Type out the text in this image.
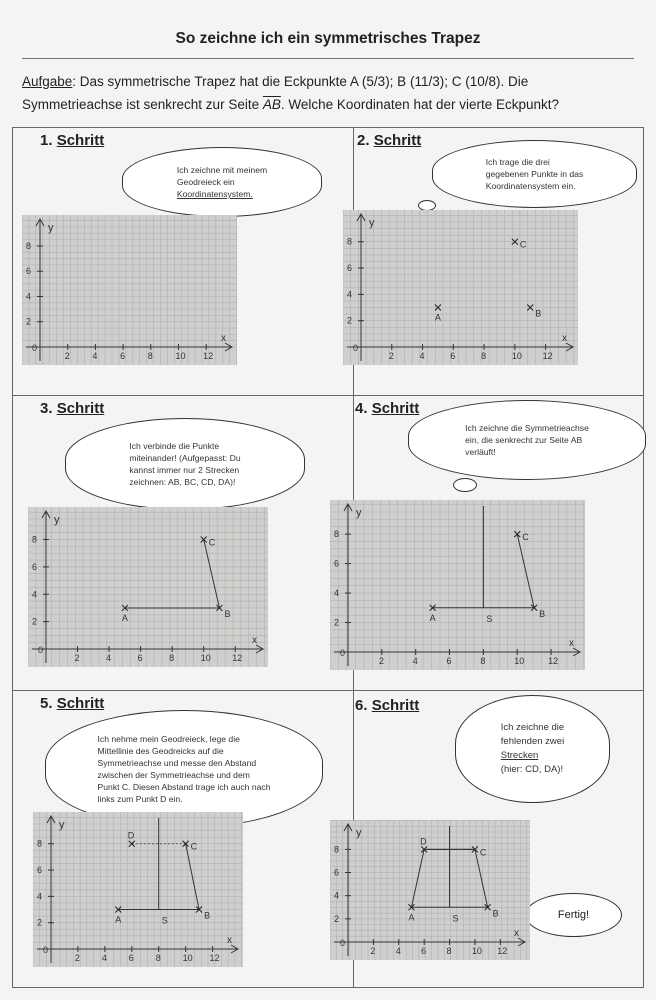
So zeichne ich ein symmetrisches Trapez
Aufgabe: Das symmetrische Trapez hat die Eckpunkte A (5/3); B (11/3); C (10/8). Die
Symmetrieachse ist senkrecht zur Seite $\overline{AB}$. Welche Koordinaten hat der vierte Eckpunkt?
1. Schritt	2. Schritt
3. Schritt	4. Schritt
5. Schritt	6. Schritt
Ich zeichne mit meinem
Geodreieck ein
Koordinatensystem.
Ich trage die drei
gegebenen Punkte in das
Koordinatensystem ein.
Ich verbinde die Punkte
miteinander! (Aufgepasst: Du
kannst immer nur 2 Strecken
zeichnen: AB, BC, CD, DA)!
Ich zeichne die Symmetrieachse
ein, die senkrecht zur Seite AB
verläuft!
Ich nehme mein Geodreieck, lege die
Mittellinie des Geodreicks auf die
Symmetrieachse und messe den Abstand
zwischen der Symmetrieachse und dem
Punkt C. Diesen Abstand trage ich auch nach
links zum Punkt D ein.
Ich zeichne die
fehlenden zwei
Strecken
(hier: CD, DA)!
Fertig!
x
y
0
2	4	6	8	10 12
2
4
6
8
x
y
0
2	4	6	8	10 12
2
4
6
8
A	B
C
x
y
0
2	4	6	8	10 12
2
4
6
8
A	B
C
x
y
0
2	4	6	8	10	12
2
4
6
8
S
A	B
C
x
y
0
2 4 6 8 10 12
2
4
6
8
S
A	B
C
D
x
y
0
2 4 6 8 10 12
2
4
6
8
S
A	B
C
D
